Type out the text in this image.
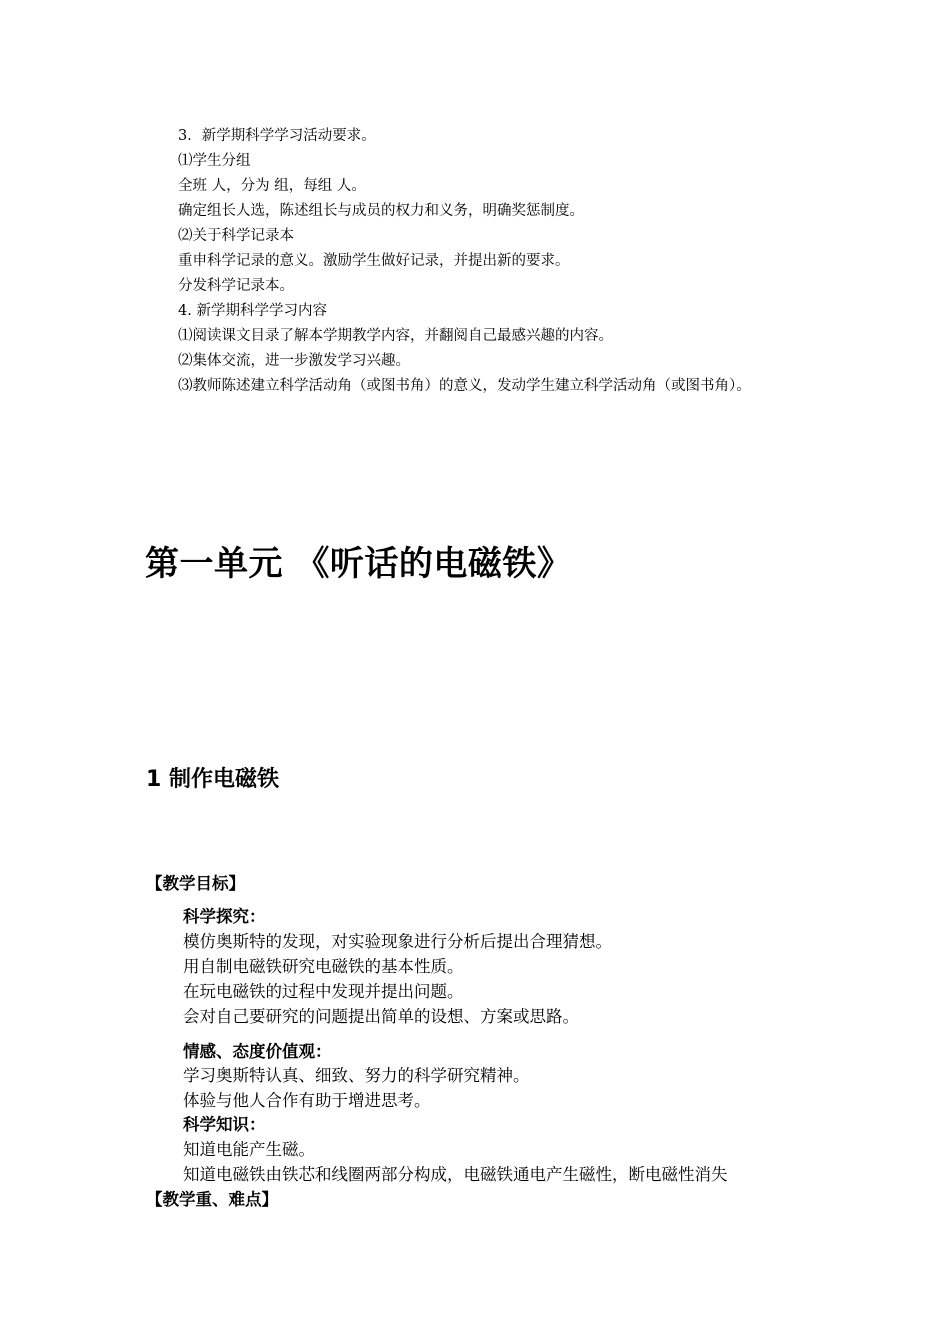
3．新学期科学学习活动要求。
⑴学生分组
全班 人，分为 组，每组 人。
确定组长人选，陈述组长与成员的权力和义务，明确奖惩制度。
⑵关于科学记录本
重申科学记录的意义。激励学生做好记录，并提出新的要求。
分发科学记录本。
4. 新学期科学学习内容
⑴阅读课文目录了解本学期教学内容，并翻阅自己最感兴趣的内容。
⑵集体交流，进一步激发学习兴趣。
⑶教师陈述建立科学活动角（或图书角）的意义，发动学生建立科学活动角（或图书角）。
第一单元 《听话的电磁铁》
1 制作电磁铁
【教学目标】
科学探究：
模仿奥斯特的发现，对实验现象进行分析后提出合理猜想。
用自制电磁铁研究电磁铁的基本性质。
在玩电磁铁的过程中发现并提出问题。
会对自己要研究的问题提出简单的设想、方案或思路。
情感、态度价值观：
学习奥斯特认真、细致、努力的科学研究精神。
体验与他人合作有助于增进思考。
科学知识：
知道电能产生磁。
知道电磁铁由铁芯和线圈两部分构成，电磁铁通电产生磁性，断电磁性消失
【教学重、难点】
